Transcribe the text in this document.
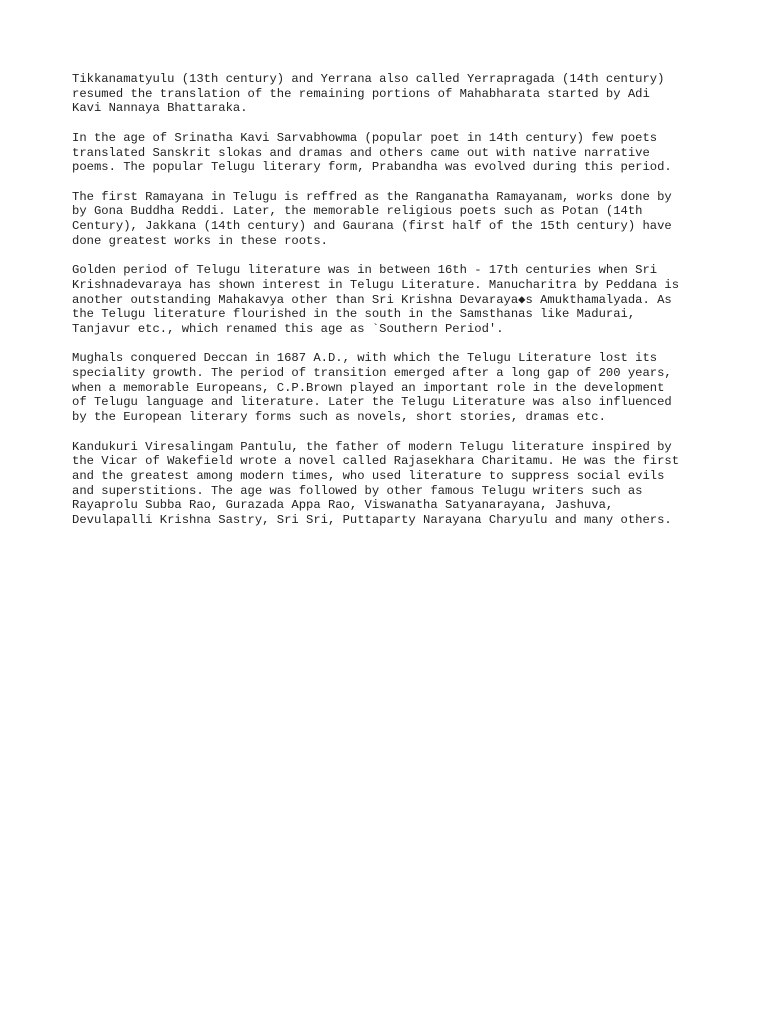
Tikkanamatyulu (13th century) and Yerrana also called Yerrapragada (14th century)
resumed the translation of the remaining portions of Mahabharata started by Adi
Kavi Nannaya Bhattaraka.

In the age of Srinatha Kavi Sarvabhowma (popular poet in 14th century) few poets
translated Sanskrit slokas and dramas and others came out with native narrative
poems. The popular Telugu literary form, Prabandha was evolved during this period.

The first Ramayana in Telugu is reffred as the Ranganatha Ramayanam, works done by
by Gona Buddha Reddi. Later, the memorable religious poets such as Potan (14th
Century), Jakkana (14th century) and Gaurana (first half of the 15th century) have
done greatest works in these roots.

Golden period of Telugu literature was in between 16th - 17th centuries when Sri
Krishnadevaraya has shown interest in Telugu Literature. Manucharitra by Peddana is
another outstanding Mahakavya other than Sri Krishna Devaraya◆s Amukthamalyada. As
the Telugu literature flourished in the south in the Samsthanas like Madurai,
Tanjavur etc., which renamed this age as `Southern Period'.

Mughals conquered Deccan in 1687 A.D., with which the Telugu Literature lost its
speciality growth. The period of transition emerged after a long gap of 200 years,
when a memorable Europeans, C.P.Brown played an important role in the development
of Telugu language and literature. Later the Telugu Literature was also influenced
by the European literary forms such as novels, short stories, dramas etc.

Kandukuri Viresalingam Pantulu, the father of modern Telugu literature inspired by
the Vicar of Wakefield wrote a novel called Rajasekhara Charitamu. He was the first
and the greatest among modern times, who used literature to suppress social evils
and superstitions. The age was followed by other famous Telugu writers such as
Rayaprolu Subba Rao, Gurazada Appa Rao, Viswanatha Satyanarayana, Jashuva,
Devulapalli Krishna Sastry, Sri Sri, Puttaparty Narayana Charyulu and many others.
